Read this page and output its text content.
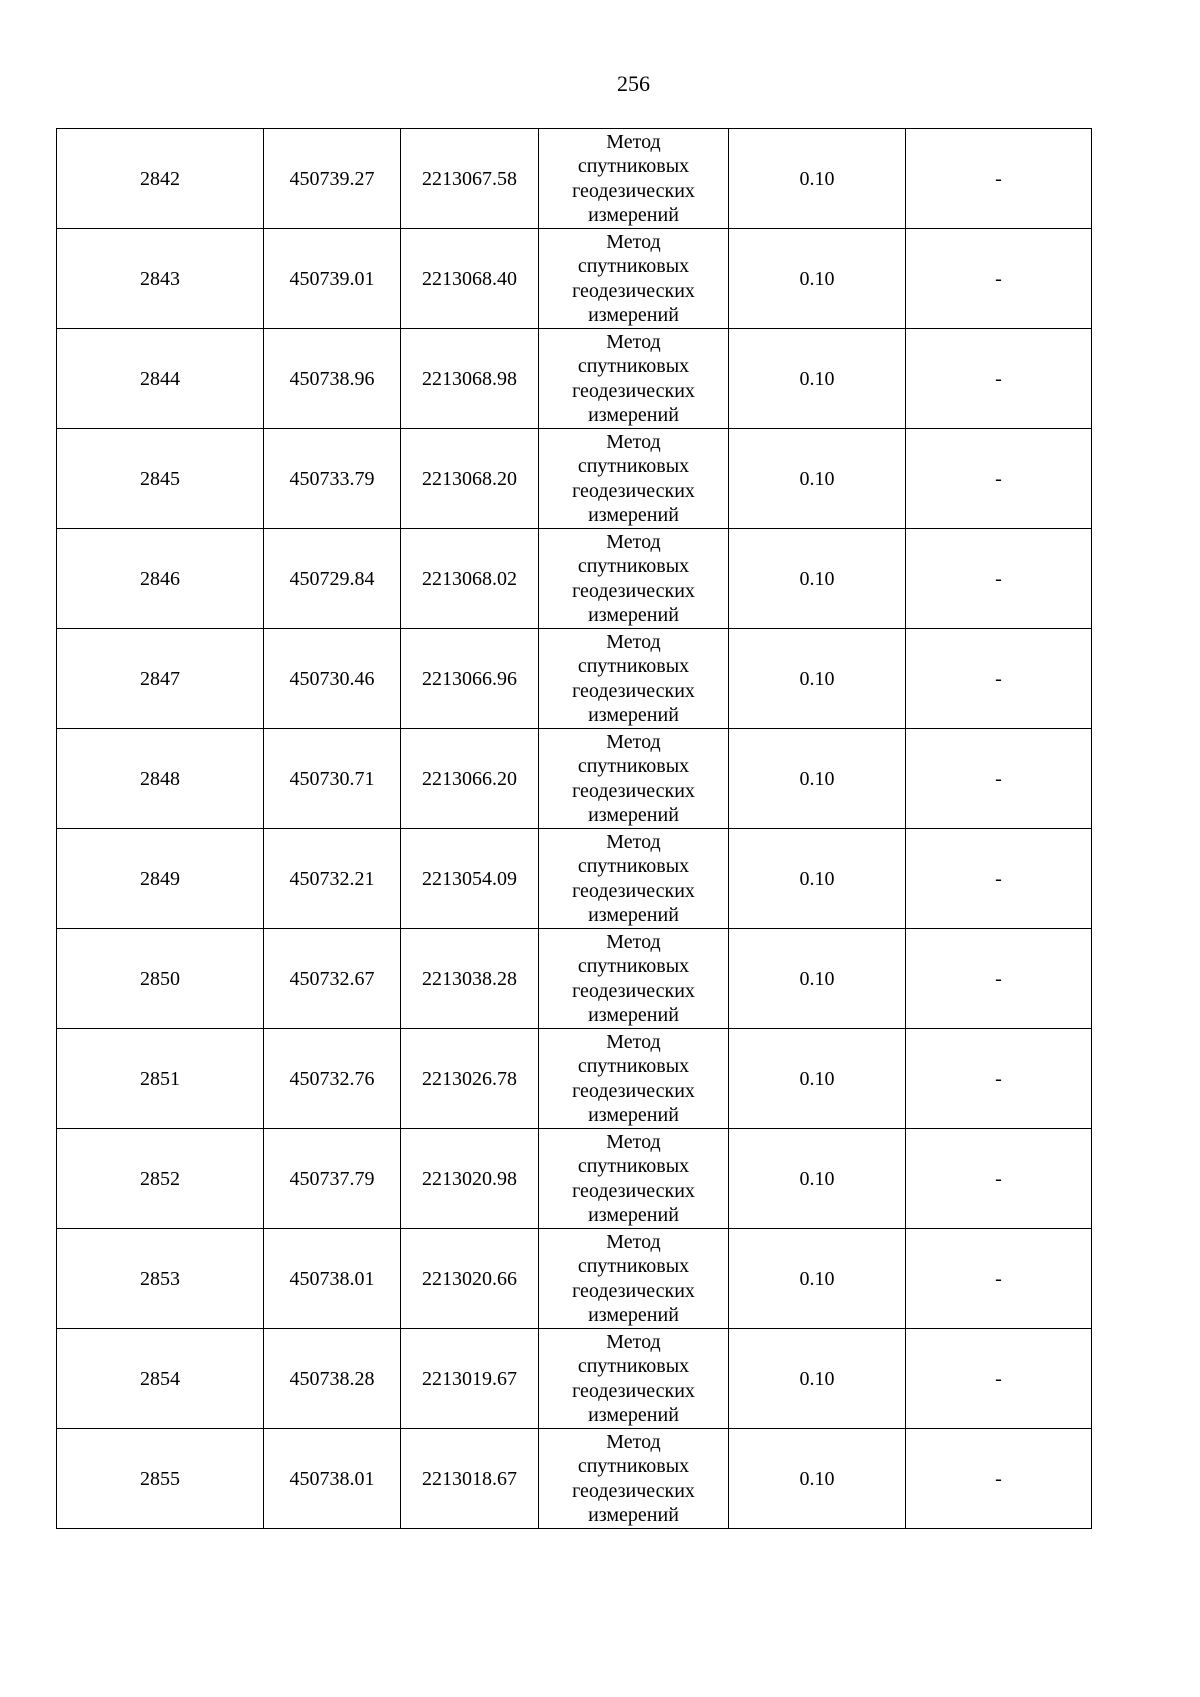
256
2842	450739.27	2213067.58	Метод
спутниковых
геодезических
измерений	0.10	-
2843	450739.01	2213068.40	Метод
спутниковых
геодезических
измерений	0.10	-
2844	450738.96	2213068.98	Метод
спутниковых
геодезических
измерений	0.10	-
2845	450733.79	2213068.20	Метод
спутниковых
геодезических
измерений	0.10	-
2846	450729.84	2213068.02	Метод
спутниковых
геодезических
измерений	0.10	-
2847	450730.46	2213066.96	Метод
спутниковых
геодезических
измерений	0.10	-
2848	450730.71	2213066.20	Метод
спутниковых
геодезических
измерений	0.10	-
2849	450732.21	2213054.09	Метод
спутниковых
геодезических
измерений	0.10	-
2850	450732.67	2213038.28	Метод
спутниковых
геодезических
измерений	0.10	-
2851	450732.76	2213026.78	Метод
спутниковых
геодезических
измерений	0.10	-
2852	450737.79	2213020.98	Метод
спутниковых
геодезических
измерений	0.10	-
2853	450738.01	2213020.66	Метод
спутниковых
геодезических
измерений	0.10	-
2854	450738.28	2213019.67	Метод
спутниковых
геодезических
измерений	0.10	-
2855	450738.01	2213018.67	Метод
спутниковых
геодезических
измерений	0.10	-
